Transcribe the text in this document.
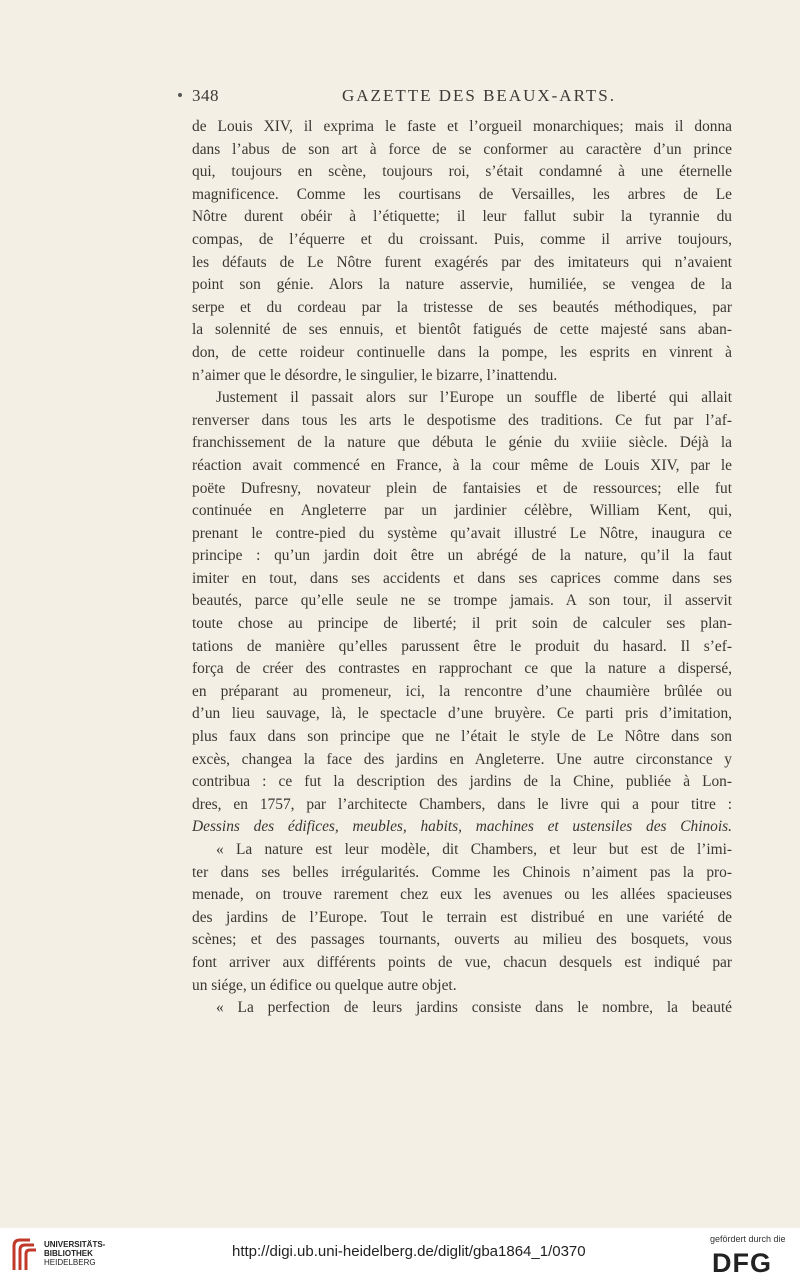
348	GAZETTE DES BEAUX-ARTS.
de Louis XIV, il exprima le faste et l’orgueil monarchiques; mais il donna
dans l’abus de son art à force de se conformer au caractère d’un prince
qui, toujours en scène, toujours roi, s’était condamné à une éternelle
magnificence. Comme les courtisans de Versailles, les arbres de Le
Nôtre durent obéir à l’étiquette; il leur fallut subir la tyrannie du
compas, de l’équerre et du croissant. Puis, comme il arrive toujours,
les défauts de Le Nôtre furent exagérés par des imitateurs qui n’avaient
point son génie. Alors la nature asservie, humiliée, se vengea de la
serpe et du cordeau par la tristesse de ses beautés méthodiques, par
la solennité de ses ennuis, et bientôt fatigués de cette majesté sans aban-
don, de cette roideur continuelle dans la pompe, les esprits en vinrent à
n’aimer que le désordre, le singulier, le bizarre, l’inattendu.
Justement il passait alors sur l’Europe un souffle de liberté qui allait
renverser dans tous les arts le despotisme des traditions. Ce fut par l’af-
franchissement de la nature que débuta le génie du xviiie siècle. Déjà la
réaction avait commencé en France, à la cour même de Louis XIV, par le
poëte Dufresny, novateur plein de fantaisies et de ressources; elle fut
continuée en Angleterre par un jardinier célèbre, William Kent, qui,
prenant le contre-pied du système qu’avait illustré Le Nôtre, inaugura ce
principe : qu’un jardin doit être un abrégé de la nature, qu’il la faut
imiter en tout, dans ses accidents et dans ses caprices comme dans ses
beautés, parce qu’elle seule ne se trompe jamais. A son tour, il asservit
toute chose au principe de liberté; il prit soin de calculer ses plan-
tations de manière qu’elles parussent être le produit du hasard. Il s’ef-
força de créer des contrastes en rapprochant ce que la nature a dispersé,
en préparant au promeneur, ici, la rencontre d’une chaumière brûlée ou
d’un lieu sauvage, là, le spectacle d’une bruyère. Ce parti pris d’imitation,
plus faux dans son principe que ne l’était le style de Le Nôtre dans son
excès, changea la face des jardins en Angleterre. Une autre circonstance y
contribua : ce fut la description des jardins de la Chine, publiée à Lon-
dres, en 1757, par l’architecte Chambers, dans le livre qui a pour titre :
Dessins des édifices, meubles, habits, machines et ustensiles des Chinois.
« La nature est leur modèle, dit Chambers, et leur but est de l’imi-
ter dans ses belles irrégularités. Comme les Chinois n’aiment pas la pro-
menade, on trouve rarement chez eux les avenues ou les allées spacieuses
des jardins de l’Europe. Tout le terrain est distribué en une variété de
scènes; et des passages tournants, ouverts au milieu des bosquets, vous
font arriver aux différents points de vue, chacun desquels est indiqué par
un siége, un édifice ou quelque autre objet.
« La perfection de leurs jardins consiste dans le nombre, la beauté
UNIVERSITÄTS-
BIBLIOTHEK
HEIDELBERG
http://digi.ub.uni-heidelberg.de/diglit/gba1864_1/0370
gefördert durch die
DFG
